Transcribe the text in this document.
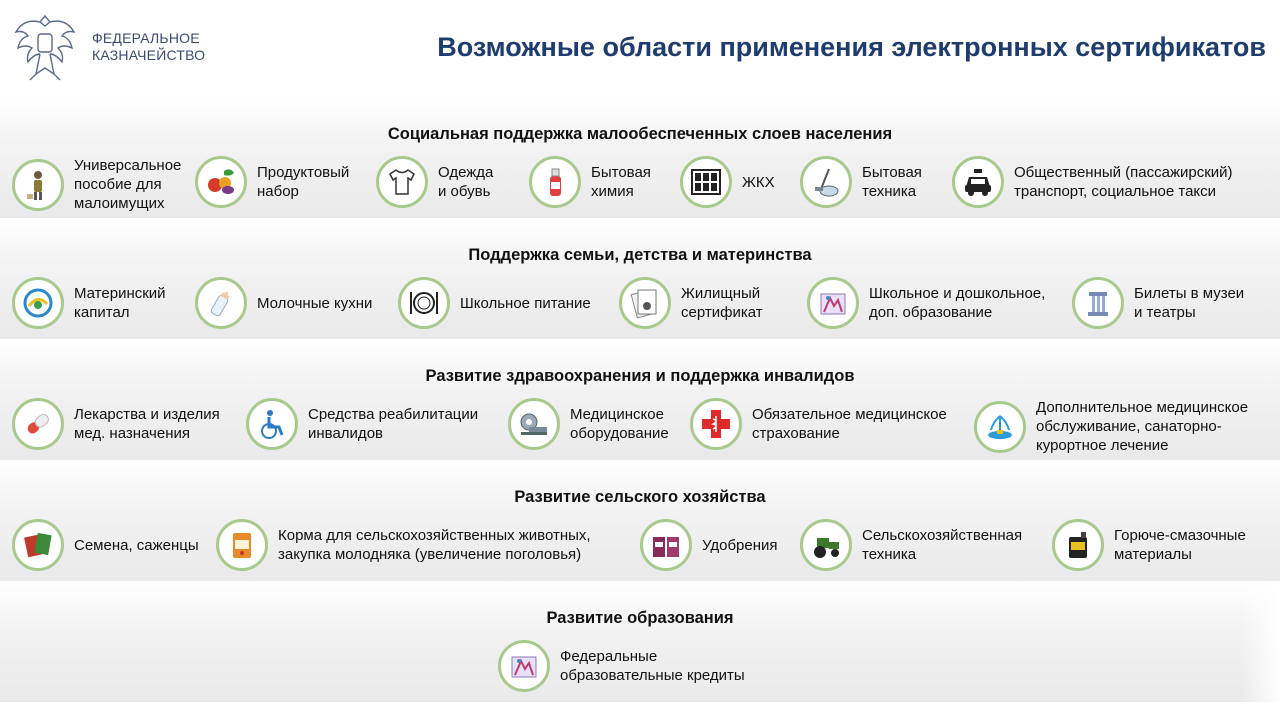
ФЕДЕРАЛЬНОЕ
КАЗНАЧЕЙСТВО	Возможные области применения электронных сертификатов
Социальная поддержка малообеспеченных слоев населения
Универсальное
пособие для
малоимущих
Продуктовый
набор
Одежда
и обувь
Бытовая
химия
ЖКХ
Бытовая
техника
Общественный (пассажирский)
транспорт, социальное такси
Поддержка семьи, детства и материнства
Материнский
капитал
Молочные кухни	Школьное питание
Жилищный
сертификат
Школьное и дошкольное,
доп. образование
Билеты в музеи
и театры
Развитие здравоохранения и поддержка инвалидов
Лекарства и изделия
мед. назначения
Средства реабилитации
инвалидов
Медицинское
оборудование
Обязательное медицинское
страхование
Дополнительное медицинское
обслуживание, санаторно-
курортное лечение
Развитие сельского хозяйства
Семена, саженцы
Корма для сельскохозяйственных животных,
закупка молодняка (увеличение поголовья)
Удобрения
Сельскохозяйственная
техника
Горюче-смазочные
материалы
Развитие образования
Федеральные
образовательные кредиты
